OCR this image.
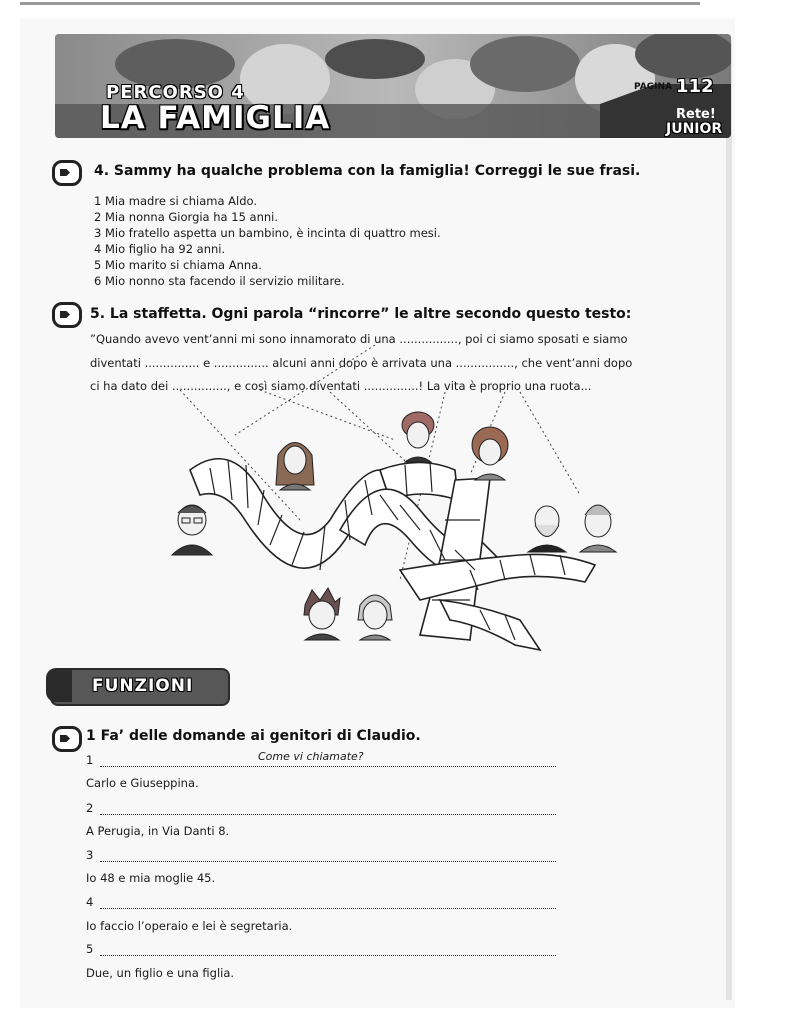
PERCORSO 4
LA FAMIGLIA
PAGINA 112
Rete!
JUNIOR
4. Sammy ha qualche problema con la famiglia! Correggi le sue frasi.
1 Mia madre si chiama Aldo.
2 Mia nonna Giorgia ha 15 anni.
3 Mio fratello aspetta un bambino, è incinta di quattro mesi.
4 Mio figlio ha 92 anni.
5 Mio marito si chiama Anna.
6 Mio nonno sta facendo il servizio militare.
5. La staffetta. Ogni parola “rincorre” le altre secondo questo testo:
”Quando avevo vent’anni mi sono innamorato di una ................, poi ci siamo sposati e siamo
diventati ............... e ............... alcuni anni dopo è arrivata una ................, che vent’anni dopo
ci ha dato dei ..............., e così siamo diventati ...............! La vita è proprio una ruota...
FUNZIONI
1 Fa’ delle domande ai genitori di Claudio.
1	Come vi chiamate?
Carlo e Giuseppina.
2
A Perugia, in Via Danti 8.
3
Io 48 e mia moglie 45.
4
Io faccio l’operaio e lei è segretaria.
5
Due, un figlio e una figlia.
